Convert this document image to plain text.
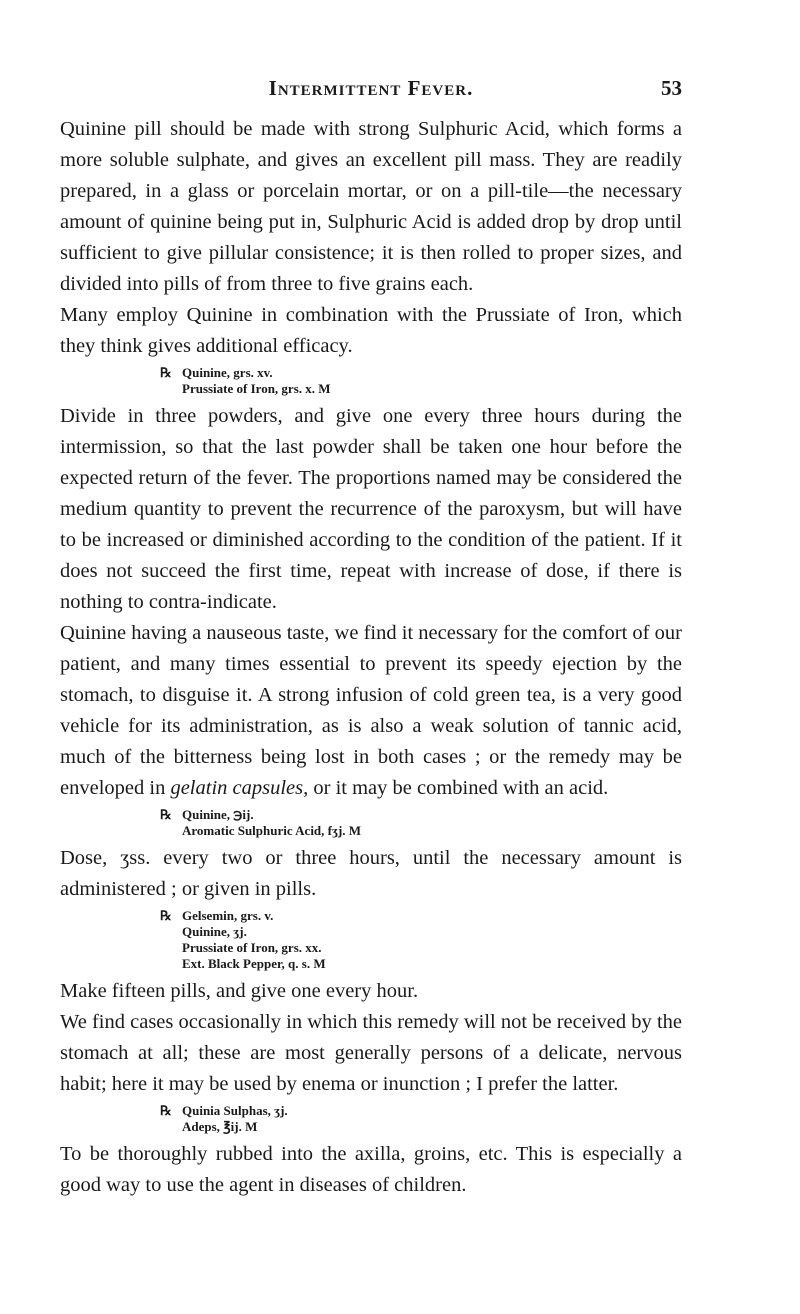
Intermittent Fever.	53

Quinine pill should be made with strong Sulphuric Acid, which forms a more soluble sulphate, and gives an excellent pill mass. They are readily prepared, in a glass or porcelain mortar, or on a pill-tile—the necessary amount of quinine being put in, Sulphuric Acid is added drop by drop until sufficient to give pillular consistence; it is then rolled to proper sizes, and divided into pills of from three to five grains each.

Many employ Quinine in combination with the Prussiate of Iron, which they think gives additional efficacy.

℞ Quinine, grs. xv.
Prussiate of Iron, grs. x. M

Divide in three powders, and give one every three hours during the intermission, so that the last powder shall be taken one hour before the expected return of the fever. The proportions named may be considered the medium quantity to prevent the recurrence of the paroxysm, but will have to be increased or diminished according to the condition of the patient. If it does not succeed the first time, repeat with increase of dose, if there is nothing to contra-indicate.

Quinine having a nauseous taste, we find it necessary for the comfort of our patient, and many times essential to prevent its speedy ejection by the stomach, to disguise it. A strong infusion of cold green tea, is a very good vehicle for its administration, as is also a weak solution of tannic acid, much of the bitterness being lost in both cases ; or the remedy may be enveloped in gelatin capsules, or it may be combined with an acid.

℞ Quinine, ℈ij.
Aromatic Sulphuric Acid, fʒj. M

Dose, ʒss. every two or three hours, until the necessary amount is administered ; or given in pills.

℞ Gelsemin, grs. v.
Quinine, ʒj.
Prussiate of Iron, grs. xx.
Ext. Black Pepper, q. s. M

Make fifteen pills, and give one every hour.

We find cases occasionally in which this remedy will not be received by the stomach at all; these are most generally persons of a delicate, nervous habit; here it may be used by enema or inunction ; I prefer the latter.

℞ Quinia Sulphas, ʒj.
Adeps, ℥ij. M

To be thoroughly rubbed into the axilla, groins, etc. This is especially a good way to use the agent in diseases of children.
